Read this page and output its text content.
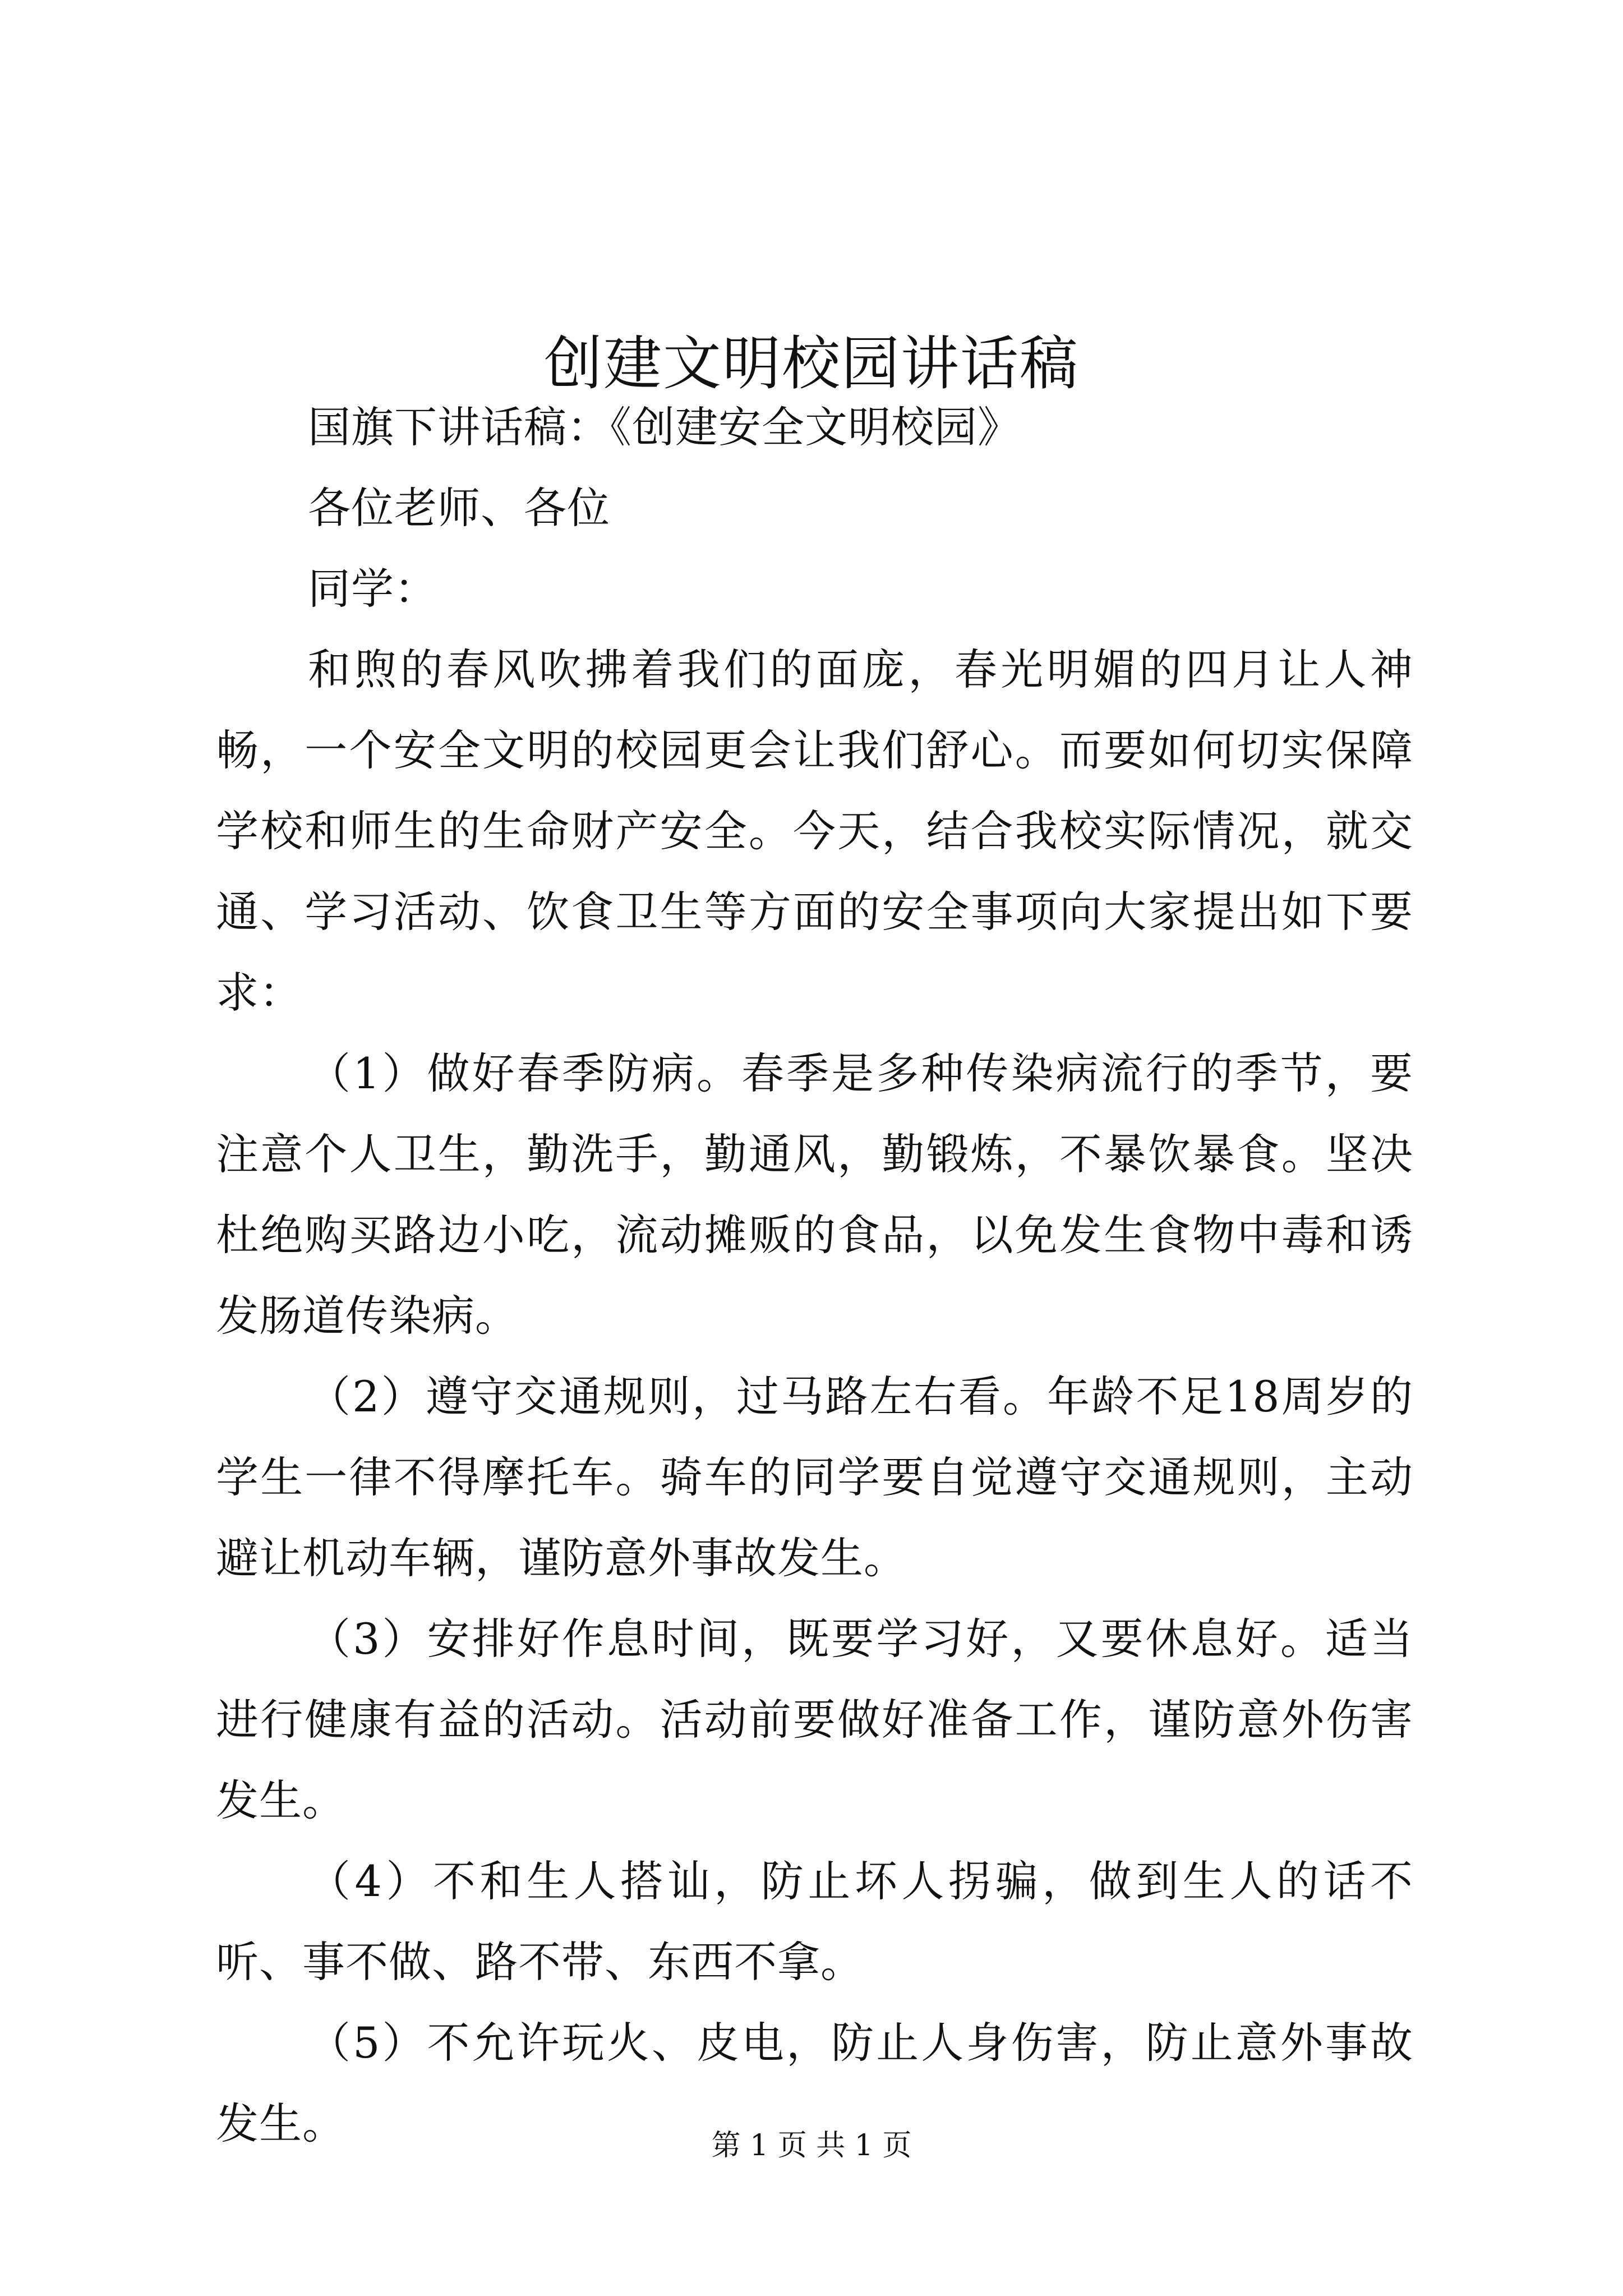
创建文明校园讲话稿

国旗下讲话稿：《创建安全文明校园》

各位老师、各位

同学：

和煦的春风吹拂着我们的面庞，春光明媚的四月让人神畅，一个安全文明的校园更会让我们舒心。而要如何切实保障学校和师生的生命财产安全。今天，结合我校实际情况，就交通、学习活动、饮食卫生等方面的安全事项向大家提出如下要求：

（1）做好春季防病。春季是多种传染病流行的季节，要注意个人卫生，勤洗手，勤通风，勤锻炼，不暴饮暴食。坚决杜绝购买路边小吃，流动摊贩的食品，以免发生食物中毒和诱发肠道传染病。

（2）遵守交通规则，过马路左右看。年龄不足18周岁的学生一律不得摩托车。骑车的同学要自觉遵守交通规则，主动避让机动车辆，谨防意外事故发生。

（3）安排好作息时间，既要学习好，又要休息好。适当进行健康有益的活动。活动前要做好准备工作，谨防意外伤害发生。

（4）不和生人搭讪，防止坏人拐骗，做到生人的话不听、事不做、路不带、东西不拿。

（5）不允许玩火、皮电，防止人身伤害，防止意外事故发生。	第 1 页 共 1 页
